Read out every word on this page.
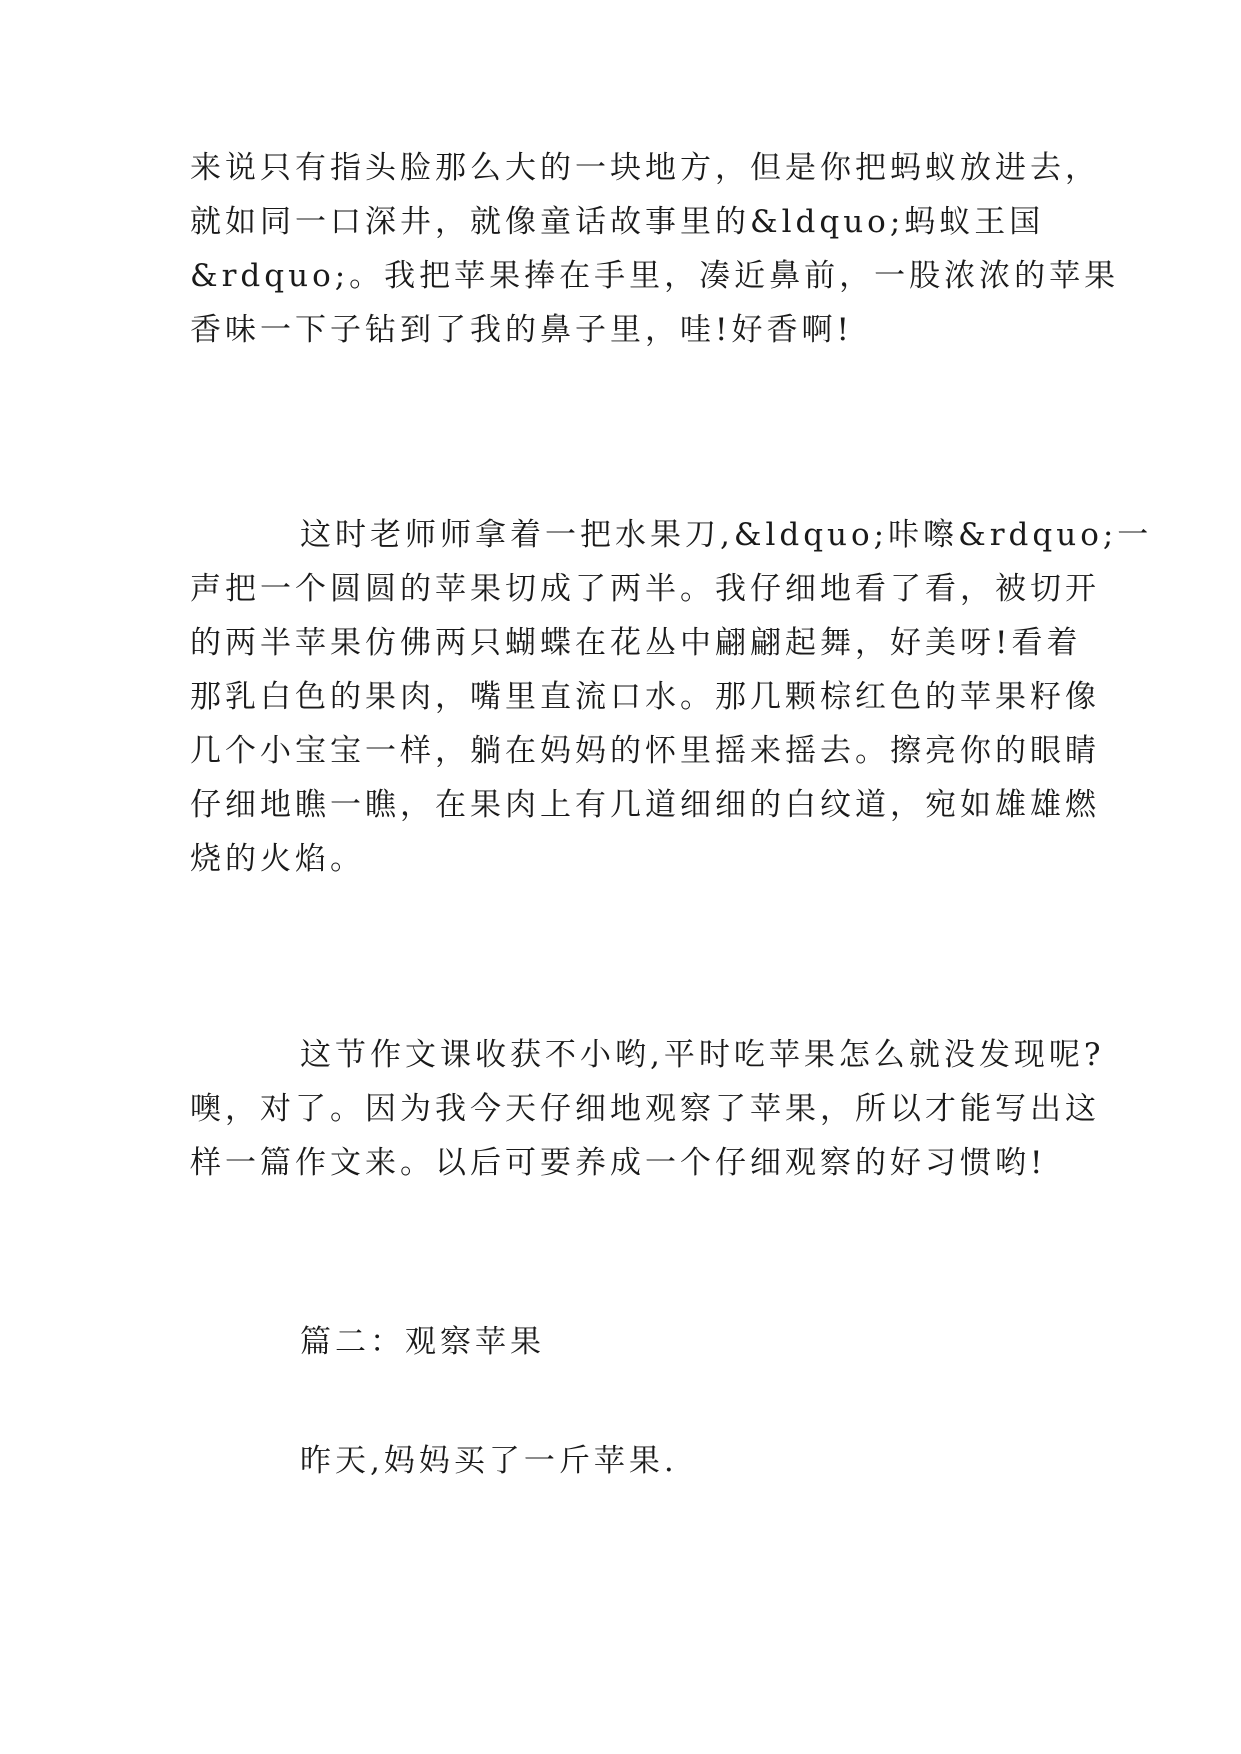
来说只有指头脸那么大的一块地方，但是你把蚂蚁放进去，
就如同一口深井，就像童话故事里的&ldquo;蚂蚁王国
&rdquo;。我把苹果捧在手里，凑近鼻前，一股浓浓的苹果
香味一下子钻到了我的鼻子里，哇!好香啊!
这时老师师拿着一把水果刀,&ldquo;咔嚓&rdquo;一
声把一个圆圆的苹果切成了两半。我仔细地看了看，被切开
的两半苹果仿佛两只蝴蝶在花丛中翩翩起舞，好美呀!看着
那乳白色的果肉，嘴里直流口水。那几颗棕红色的苹果籽像
几个小宝宝一样，躺在妈妈的怀里摇来摇去。擦亮你的眼睛
仔细地瞧一瞧，在果肉上有几道细细的白纹道，宛如雄雄燃
烧的火焰。
这节作文课收获不小哟,平时吃苹果怎么就没发现呢?
噢，对了。因为我今天仔细地观察了苹果，所以才能写出这
样一篇作文来。以后可要养成一个仔细观察的好习惯哟!
篇二：观察苹果
昨天,妈妈买了一斤苹果.
